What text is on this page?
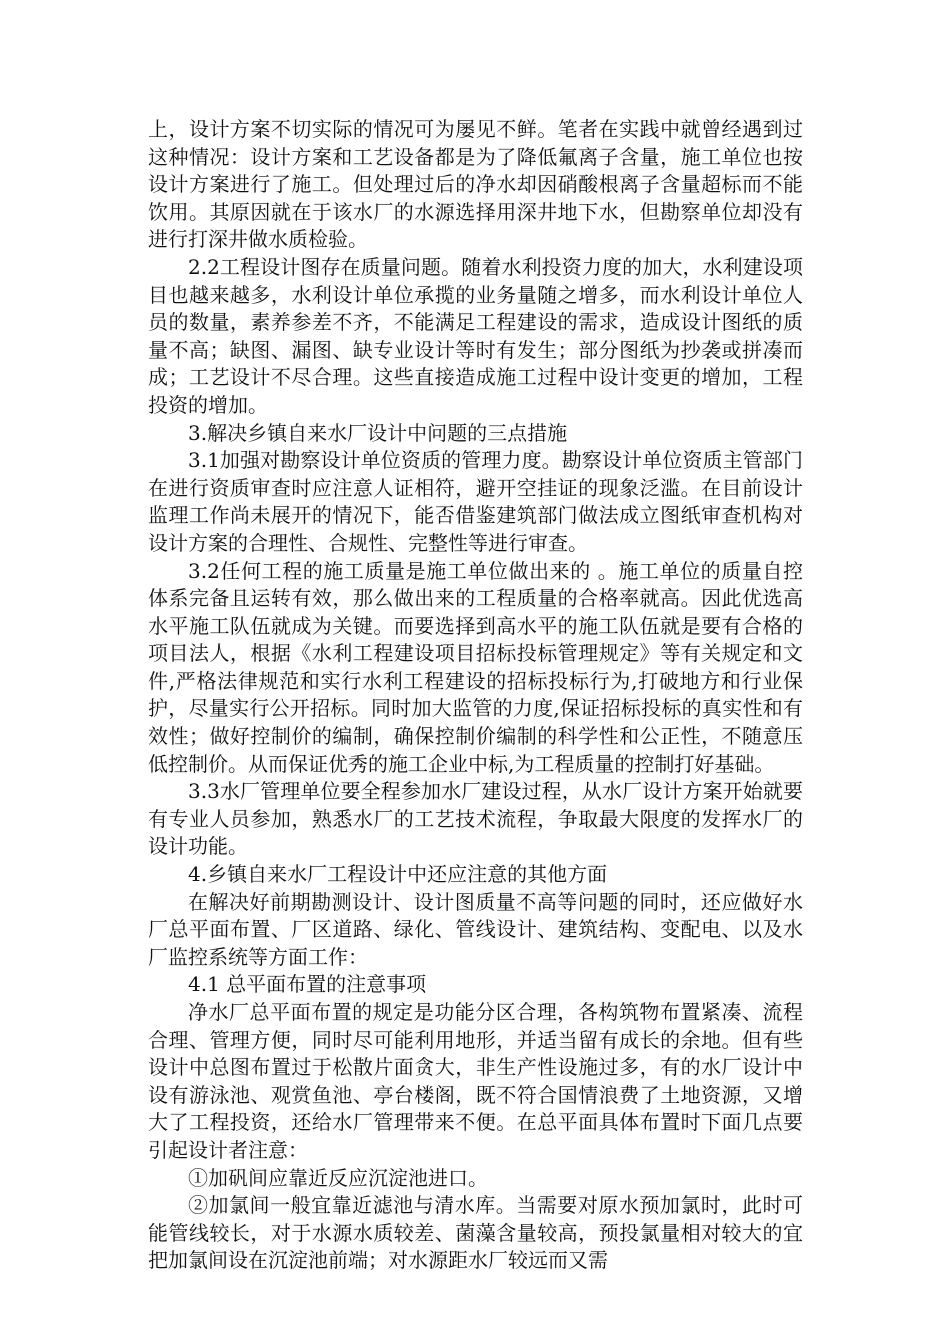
上，设计方案不切实际的情况可为屡见不鲜。笔者在实践中就曾经遇到过这种情况：设计方案和工艺设备都是为了降低氟离子含量，施工单位也按设计方案进行了施工。但处理过后的净水却因硝酸根离子含量超标而不能饮用。其原因就在于该水厂的水源选择用深井地下水，但勘察单位却没有进行打深井做水质检验。

2.2工程设计图存在质量问题。随着水利投资力度的加大，水利建设项目也越来越多，水利设计单位承揽的业务量随之增多，而水利设计单位人员的数量，素养参差不齐，不能满足工程建设的需求，造成设计图纸的质量不高；缺图、漏图、缺专业设计等时有发生；部分图纸为抄袭或拼凑而成；工艺设计不尽合理。这些直接造成施工过程中设计变更的增加，工程投资的增加。

3.解决乡镇自来水厂设计中问题的三点措施

3.1加强对勘察设计单位资质的管理力度。勘察设计单位资质主管部门在进行资质审查时应注意人证相符，避开空挂证的现象泛滥。在目前设计监理工作尚未展开的情况下，能否借鉴建筑部门做法成立图纸审查机构对设计方案的合理性、合规性、完整性等进行审查。

3.2任何工程的施工质量是施工单位做出来的 。施工单位的质量自控体系完备且运转有效，那么做出来的工程质量的合格率就高。因此优选高水平施工队伍就成为关键。而要选择到高水平的施工队伍就是要有合格的项目法人，根据《水利工程建设项目招标投标管理规定》等有关规定和文件,严格法律规范和实行水利工程建设的招标投标行为,打破地方和行业保护，尽量实行公开招标。同时加大监管的力度,保证招标投标的真实性和有效性；做好控制价的编制，确保控制价编制的科学性和公正性，不随意压低控制价。从而保证优秀的施工企业中标,为工程质量的控制打好基础。

3.3水厂管理单位要全程参加水厂建设过程，从水厂设计方案开始就要有专业人员参加，熟悉水厂的工艺技术流程，争取最大限度的发挥水厂的设计功能。

4.乡镇自来水厂工程设计中还应注意的其他方面

在解决好前期勘测设计、设计图质量不高等问题的同时，还应做好水厂总平面布置、厂区道路、绿化、管线设计、建筑结构、变配电、以及水厂监控系统等方面工作：

4.1 总平面布置的注意事项

净水厂总平面布置的规定是功能分区合理，各构筑物布置紧凑、流程合理、管理方便，同时尽可能利用地形，并适当留有成长的余地。但有些设计中总图布置过于松散片面贪大，非生产性设施过多，有的水厂设计中设有游泳池、观赏鱼池、亭台楼阁，既不符合国情浪费了土地资源，又增大了工程投资，还给水厂管理带来不便。在总平面具体布置时下面几点要引起设计者注意：

①加矾间应靠近反应沉淀池进口。

②加氯间一般宜靠近滤池与清水库。当需要对原水预加氯时，此时可能管线较长，对于水源水质较差、菌藻含量较高，预投氯量相对较大的宜把加氯间设在沉淀池前端；对水源距水厂较远而又需
